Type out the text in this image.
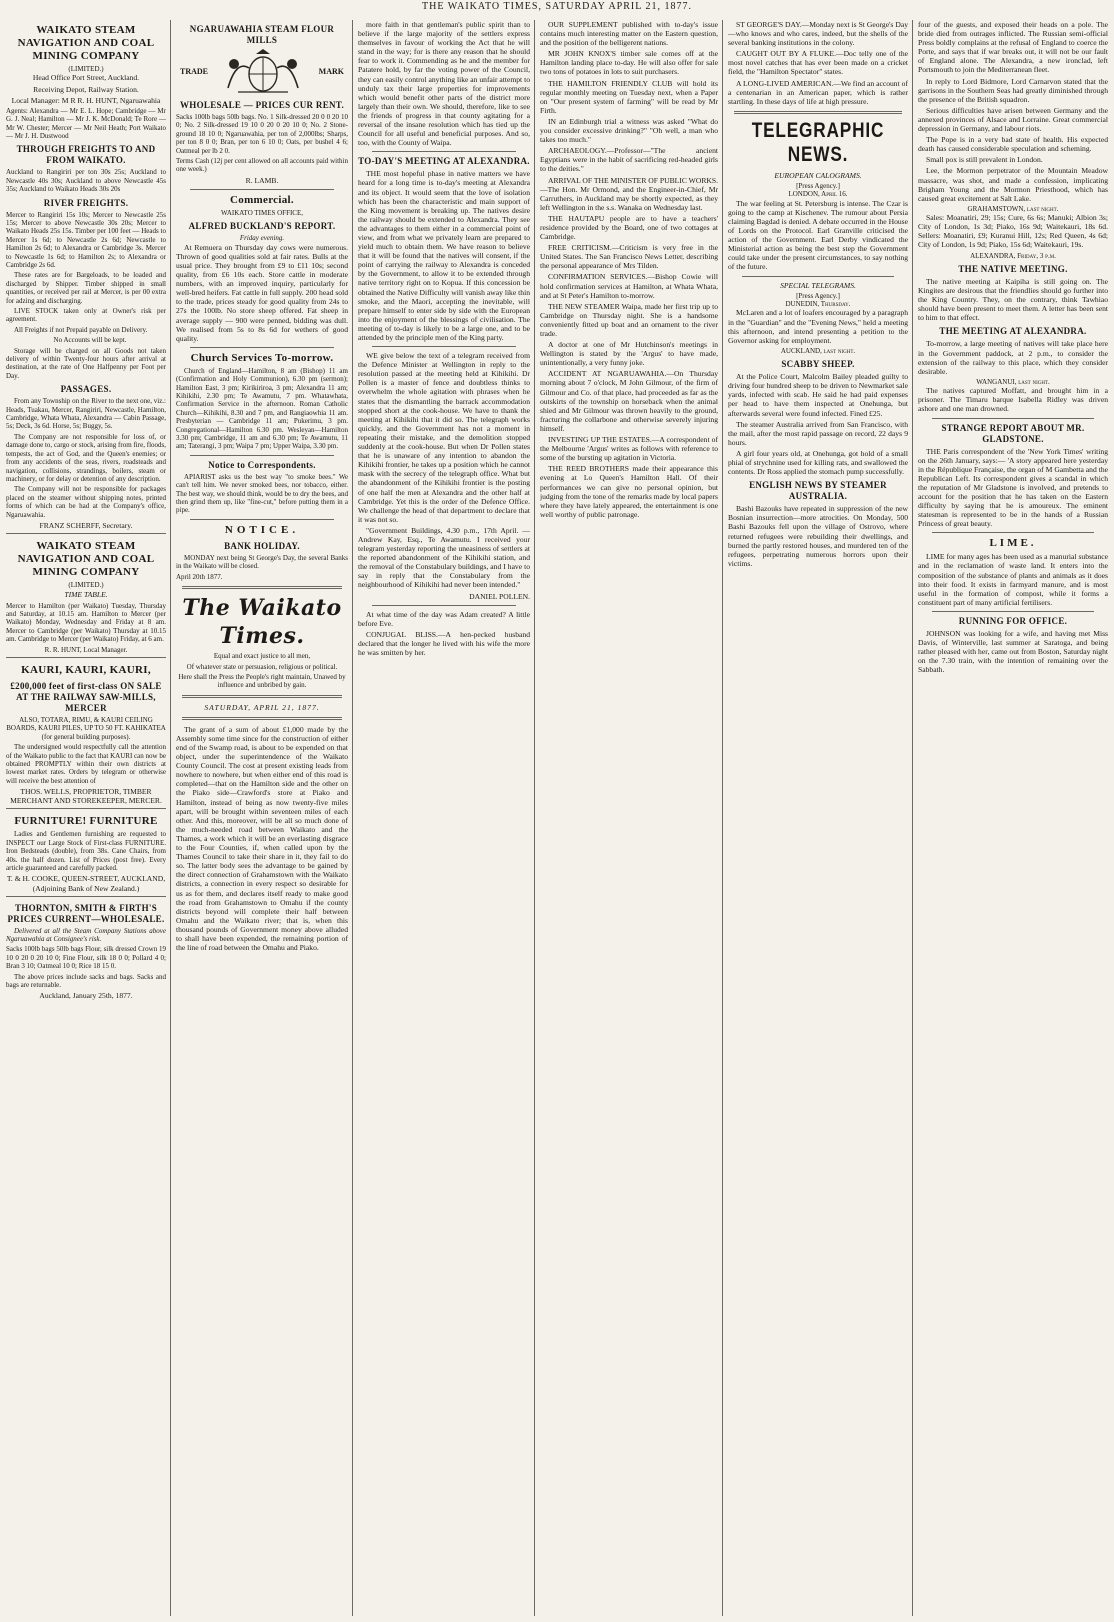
THE WAIKATO TIMES, SATURDAY APRIL 21, 1877.
WAIKATO STEAM NAVIGATION AND COAL MINING COMPANY
(LIMITED.)

Head Office Port Street, Auckland.

Receiving Depot, Railway Station.

Local Manager: M R R. H. HUNT, Ngaruawahia

Agents: Alexandra — Mr E. L. Hope; Cambridge — Mr G. J. Neal; Hamilton — Mr J. K. McDonald; Te Rore — Mr W. Chester; Mercer — Mr Neil Heath; Port Waikato — Mr J. H. Dustwood

THROUGH FREIGHTS TO AND FROM WAIKATO.

Auckland to Rangiriri per ton 30s 25s; Auckland to Newcastle 40s 30s; Auckland to above Newcastle 45s 35s; Auckland to Waikato Heads 30s 20s

RIVER FREIGHTS.

Mercer to Rangiriri 15s 10s; Mercer to Newcastle 25s 15s; Mercer to above Newcastle 30s 20s; Mercer to Waikato Heads 25s 15s. Timber per 100 feet — Heads to Mercer 1s 6d; to Newcastle 2s 6d; Newcastle to Hamilton 2s 6d; to Alexandra or Cambridge 3s. Mercer to Newcastle 1s 6d; to Hamilton 2s; to Alexandra or Cambridge 2s 6d.

These rates are for Bargeloads, to be loaded and discharged by Shipper. Timber shipped in small quantities, or received per rail at Mercer, is per 00 extra for adzing and discharging.

LIVE STOCK taken only at Owner's risk per agreement.

All Freights if not Prepaid payable on Delivery.

No Accounts will be kept.

Storage will be charged on all Goods not taken delivery of within Twenty-four hours after arrival at destination, at the rate of One Halfpenny per Foot per Day.

PASSAGES.

From any Township on the River to the next one, viz.: Heads, Tuakau, Mercer, Rangiriri, Newcastle, Hamilton, Cambridge, Whata Whata, Alexandra — Cabin Passage, 5s; Deck, 3s 6d. Horse, 5s; Buggy, 5s.

The Company are not responsible for loss of, or damage done to, cargo or stock, arising from fire, floods, tempests, the act of God, and the Queen's enemies; or from any accidents of the seas, rivers, roadsteads and navigation, collisions, strandings, boilers, steam or machinery, or for delay or detention of any description.

The Company will not be responsible for packages placed on the steamer without shipping notes, printed forms of which can be had at the Company's office, Ngaruawahia.

FRANZ SCHERFF, Secretary.

WAIKATO STEAM NAVIGATION AND COAL MINING COMPANY
(LIMITED.)
TIME TABLE.

Mercer to Hamilton (per Waikato) Tuesday, Thursday and Saturday, at 10.15 am. Hamilton to Mercer (per Waikato) Monday, Wednesday and Friday at 8 am. Mercer to Cambridge (per Waikato) Thursday at 10.15 am. Cambridge to Mercer (per Waikato) Friday, at 6 am.

R. R. HUNT, Local Manager.

KAURI, KAURI, KAURI,
£200,000 feet of first-class ON SALE AT THE RAILWAY SAW-MILLS, MERCER

ALSO, TOTARA, RIMU, & KAURI CEILING BOARDS, KAURI PILES, UP TO 50 FT. KAHIKATEA (for general building purposes).

The undersigned would respectfully call the attention of the Waikato public to the fact that KAURI can now be obtained PROMPTLY within their own districts at lowest market rates. Orders by telegram or otherwise will receive the best attention of

THOS. WELLS, PROPRIETOR, TIMBER MERCHANT AND STOREKEEPER, MERCER.

FURNITURE! FURNITURE

Ladies and Gentlemen furnishing are requested to INSPECT our Large Stock of First-class FURNITURE. Iron Bedsteads (double), from 38s. Cane Chairs, from 40s. the half dozen. List of Prices (post free). Every article guaranteed and carefully packed.

T. & H. COOKE, QUEEN-STREET, AUCKLAND, (Adjoining Bank of New Zealand.)

THORNTON, SMITH & FIRTH'S PRICES CURRENT—WHOLESALE.

Delivered at all the Steam Company Stations above Ngaruawahia at Consignee's risk.

Sacks 100lb bags 50lb bags Flour, silk dressed Crown 19 10 0 20 0 20 10 0; Fine Flour, silk 18 0 0; Pollard 4 0; Bran 3 10; Oatmeal 10 0; Rice 18 15 0.

The above prices include sacks and bags. Sacks and bags are returnable.

Auckland, January 25th, 1877.

NGARUAWAHIA STEAM FLOUR MILLS
TRADE	MARK
WHOLESALE — PRICES CUR RENT.

Sacks 100lb bags 50lb bags. No. 1 Silk-dressed 20 0 0 20 10 0; No. 2 Silk-dressed 19 10 0 20 0 20 10 0; No. 2 Stone-ground 18 10 0; Ngaruawahia, per ton of 2,000lbs; Sharps, per ton 8 0 0; Bran, per ton 6 10 0; Oats, per bushel 4 6; Oatmeal per lb 2 0.

Terms Cash (12j per cent allowed on all accounts paid within one week.)

R. LAMB.

Commercial.
WAIKATO TIMES OFFICE,
ALFRED BUCKLAND'S REPORT.
Friday evening.

At Remuera on Thursday day cows were numerous. Thrown of good qualities sold at fair rates. Bulls at the usual price. They brought from £9 to £11 10s; second quality, from £6 10s each. Store cattle in moderate numbers, with an improved inquiry, particularly for well-bred heifers. Fat cattle in full supply. 200 head sold to the trade, prices steady for good quality from 24s to 27s the 100lb. No store sheep offered. Fat sheep in average supply — 900 were penned, bidding was dull. We realised from 5s to 8s 6d for wethers of good quality.

Church Services To-morrow.

Church of England—Hamilton, 8 am (Bishop) 11 am (Confirmation and Holy Communion), 6.30 pm (sermon); Hamilton East, 3 pm; Kirikiriroa, 3 pm; Alexandra 11 am; Kihikihi, 2.30 pm; Te Awamutu, 7 pm. Whatawhata, Confirmation Service in the afternoon. Roman Catholic Church—Kihikihi, 8.30 and 7 pm, and Rangiaowhia 11 am. Presbyterian — Cambridge 11 am; Pukerimu, 3 pm. Congregational—Hamilton 6.30 pm. Wesleyan—Hamilton 3.30 pm; Cambridge, 11 am and 6.30 pm; Te Awamutu, 11 am; Taterangi, 3 pm; Waipa 7 pm; Upper Waipa, 3.30 pm.

Notice to Correspondents.

APIARIST asks us the best way "to smoke bees." We can't tell him. We never smoked bees, nor tobacco, either. The best way, we should think, would be to dry the bees, and then grind them up, like "fine-cut," before putting them in a pipe.

NOTICE.
BANK HOLIDAY.

MONDAY next being St George's Day, the several Banks in the Waikato will be closed.

April 20th 1877.

The Waikato Times.

Equal and exact justice to all men,

Of whatever state or persuasion, religious or political.

Here shall the Press the People's right maintain, Unawed by influence and unbribed by gain.

SATURDAY, APRIL 21, 1877.

The grant of a sum of about £1,000 made by the Assembly some time since for the construction of either end of the Swamp road, is about to be expended on that object, under the superintendence of the Waikato County Council. The cost at present existing leads from nowhere to nowhere, but when either end of this road is completed—that on the Hamilton side and the other on the Piako side—Crawford's store at Piako and Hamilton, instead of being as now twenty-five miles apart, will be brought within seventeen miles of each other. And this, moreover, will be all so much done of the much-needed road between Waikato and the Thames, a work which it will be an everlasting disgrace to the Four Counties, if, when called upon by the Thames Council to take their share in it, they fail to do so. The latter body sees the advantage to be gained by the direct connection of Grahamstown with the Waikato districts, a connection in every respect so desirable for us as for them, and declares itself ready to make good the road from Grahamstown to Omahu if the county districts beyond will complete their half between Omahu and the Waikato river; that is, when this thousand pounds of Government money above alluded to shall have been expended, the remaining portion of the line of road between the Omahu and Piako.

more faith in that gentleman's public spirit than to believe if the large majority of the settlers express themselves in favour of working the Act that he will stand in the way; for is there any reason that he should fear to work it. Commending as he and the member for Pataterе hold, by far the voting power of the Council, they can easily control anything like an unfair attempt to unduly tax their large properties for improvements which would benefit other parts of the district more largely than their own. We should, therefore, like to see the friends of progress in that county agitating for a reversal of the insane resolution which has tied up the Council for all useful and beneficial purposes. And so, too, with the County of Waipa.

TO-DAY'S MEETING AT ALEXANDRA.

THE most hopeful phase in native matters we have heard for a long time is to-day's meeting at Alexandra and its object. It would seem that the love of isolation which has been the characteristic and main support of the King movement is breaking up. The natives desire the railway should be extended to Alexandra. They see the advantages to them either in a commercial point of view, and from what we privately learn are prepared to yield much to obtain them. We have reason to believe that it will be found that the natives will consent, if the point of carrying the railway to Alexandra is conceded by the Government, to allow it to be extended through native territory right on to Kopua. If this concession be obtained the Native Difficulty will vanish away like thin smoke, and the Maori, accepting the inevitable, will prepare himself to enter side by side with the European into the enjoyment of the blessings of civilisation. The meeting of to-day is likely to be a large one, and to be attended by the principle men of the King party.

WE give below the text of a telegram received from the Defence Minister at Wellington in reply to the resolution passed at the meeting held at Kihikihi. Dr Pollen is a master of fence and doubtless thinks to overwhelm the whole agitation with phrases when he states that the dismantling the barrack accommodation stopped short at the cook-house. We have to thank the meeting at Kihikihi that it did so. The telegraph works quickly, and the Government has not a moment in repeating their mistake, and the demolition stopped suddenly at the cook-house. But when Dr Pollen states that he is unaware of any intention to abandon the Kihikihi frontier, he takes up a position which he cannot mask with the secrecy of the telegraph office. What but the abandonment of the Kihikihi frontier is the posting of one half the men at Alexandra and the other half at Cambridge. Yet this is the order of the Defence Office. We challenge the head of that department to declare that it was not so.

"Government Buildings, 4.30 p.m., 17th April. — Andrew Kay, Esq., Te Awamutu. I received your telegram yesterday reporting the uneasiness of settlers at the reported abandonment of the Kihikihi station, and the removal of the Constabulary buildings, and I have to say in reply that the Constabulary from the neighbourhood of Kihikihi had never been intended."

DANIEL POLLEN.

At what time of the day was Adam created? A little before Eve.

CONJUGAL BLISS.—A hen-pecked husband declared that the longer he lived with his wife the more he was smitten by her.

OUR SUPPLEMENT published with to-day's issue contains much interesting matter on the Eastern question, and the position of the belligerent nations.

MR JOHN KNOX'S timber sale comes off at the Hamilton landing place to-day. He will also offer for sale two tons of potatoes in lots to suit purchasers.

THE HAMILTON FRIENDLY CLUB will hold its regular monthly meeting on Tuesday next, when a Paper on "Our present system of farming" will be read by Mr Firth.

IN an Edinburgh trial a witness was asked "What do you consider excessive drinking?" "Oh well, a man who takes too much."

ARCHAEOLOGY.—Professor—"The ancient Egyptians were in the habit of sacrificing red-headed girls to the deities."

ARRIVAL OF THE MINISTER OF PUBLIC WORKS.—The Hon. Mr Ormond, and the Engineer-in-Chief, Mr Carruthers, in Auckland may be shortly expected, as they left Wellington in the s.s. Wanaka on Wednesday last.

THE HAUTAPU people are to have a teachers' residence provided by the Board, one of two cottages at Cambridge.

FREE CRITICISM.—Criticism is very free in the United States. The San Francisco News Letter, describing the personal appearance of Mrs Tilden.

CONFIRMATION SERVICES.—Bishop Cowie will hold confirmation services at Hamilton, at Whata Whata, and at St Peter's Hamilton to-morrow.

THE NEW STEAMER Waipa, made her first trip up to Cambridge on Thursday night. She is a handsome conveniently fitted up boat and an ornament to the river trade.

A doctor at one of Mr Hutchinson's meetings in Wellington is stated by the 'Argus' to have made, unintentionally, a very funny joke.

ACCIDENT AT NGARUAWAHIA.—On Thursday morning about 7 o'clock, M John Gilmour, of the firm of Gilmour and Co. of that place, had proceeded as far as the outskirts of the township on horseback when the animal shied and Mr Gilmour was thrown heavily to the ground, fracturing the collarbone and otherwise severely injuring himself.

INVESTING UP THE ESTATES.—A correspondent of the Melbourne 'Argus' writes as follows with reference to some of the bursting up agitation in Victoria.

THE REED BROTHERS made their appearance this evening at Lo Queen's Hamilton Hall. Of their performances we can give no personal opinion, but judging from the tone of the remarks made by local papers where they have lately appeared, the entertainment is one well worthy of public patronage.

ST GEORGE'S DAY.—Monday next is St George's Day—who knows and who cares, indeed, but the shells of the several banking institutions in the colony.

CAUGHT OUT BY A FLUKE.—Doc telly one of the most novel catches that has ever been made on a cricket field, the "Hamilton Spectator" states.

A LONG-LIVED AMERICAN.—We find an account of a centenarian in an American paper, which is rather startling. In these days of life at high pressure.

TELEGRAPHIC NEWS.
EUROPEAN CALOGRAMS.
[Press Agency.]
LONDON, April 16.

The war feeling at St. Petersburg is intense. The Czar is going to the camp at Kischenev. The rumour about Persia claiming Bagdad is denied. A debate occurred in the House of Lords on the Protocol. Earl Granville criticised the action of the Government. Earl Derby vindicated the Ministerial action as being the best step the Government could take under the present circumstances, to say nothing of the future.

SPECIAL TELEGRAMS.
[Press Agency.]
DUNEDIN, Thursday.

McLaren and a lot of loafers encouraged by a paragraph in the "Guardian" and the "Evening News," held a meeting this afternoon, and intend presenting a petition to the Governor asking for employment.

AUCKLAND, last night.
SCABBY SHEEP.

At the Police Court, Malcolm Bailey pleaded guilty to driving four hundred sheep to be driven to Newmarket sale yards, infected with scab. He said he had paid expenses per head to have them inspected at Onehunga, but afterwards several were found infected. Fined £25.

The steamer Australia arrived from San Francisco, with the mail, after the most rapid passage on record, 22 days 9 hours.

A girl four years old, at Onehunga, got hold of a small phial of strychnine used for killing rats, and swallowed the contents. Dr Ross applied the stomach pump successfully.

ENGLISH NEWS BY STEAMER AUSTRALIA.

Bashi Bazouks have repeated in suppression of the new Bosnian insurrection—more atrocities. On Monday, 500 Bashi Bazouks fell upon the village of Ostrovo, where returned refugees were rebuilding their dwellings, and burned the partly restored houses, and murdered ten of the refugees, perpetrating numerous horrors upon their victims.

four of the guests, and exposed their heads on a pole. The bride died from outrages inflicted. The Russian semi-official Press boldly complains at the refusal of England to coerce the Porte, and says that if war breaks out, it will not be our fault of England alone. The Alexandra, a new ironclad, left Portsmouth to join the Mediterranean fleet.

In reply to Lord Bidmore, Lord Carnarvon stated that the garrisons in the Southern Seas had greatly diminished through the presence of the British squadron.

Serious difficulties have arisen between Germany and the annexed provinces of Alsace and Lorraine. Great commercial depression in Germany, and labour riots.

The Pope is in a very bad state of health. His expected death has caused considerable speculation and scheming.

Small pox is still prevalent in London.

Lee, the Mormon perpetrator of the Mountain Meadow massacre, was shot, and made a confession, implicating Brigham Young and the Mormon Priesthood, which has caused great excitement at Salt Lake.

GRAHAMSTOWN, last night.

Sales: Moanatiri, 29; 15s; Cure, 6s 6s; Manuki; Albion 3s; City of London, 1s 3d; Piako, 16s 9d; Waitekauri, 18s 6d. Sellers: Moanatiri, £9; Kuranui Hill, 12s; Red Queen, 4s 6d; City of London, 1s 9d; Piako, 15s 6d; Waitekauri, 19s.

ALEXANDRA, Friday, 3 p.m.
THE NATIVE MEETING.

The native meeting at Kaipiha is still going on. The Kingites are desirous that the friendlies should go further into the King Country. They, on the contrary, think Tawhiao should have been present to meet them. A letter has been sent to him to that effect.

THE MEETING AT ALEXANDRA.

To-morrow, a large meeting of natives will take place here in the Government paddock, at 2 p.m., to consider the extension of the railway to this place, which they consider desirable.

WANGANUI, last night.

The natives captured Moffatt, and brought him in a prisoner. The Timaru barque Isabella Ridley was driven ashore and one man drowned.

STRANGE REPORT ABOUT MR. GLADSTONE.

THE Paris correspondent of the 'New York Times' writing on the 26th January, says:— 'A story appeared here yesterday in the République Française, the organ of M Gambetta and the Republican Left. Its correspondent gives a scandal in which the reputation of Mr Gladstone is involved, and pretends to account for the position that he has taken on the Eastern difficulty by saying that he is amoureux. The eminent statesman is represented to be in the hands of a Russian Princess of great beauty.

LIME.

LIME for many ages has been used as a manurial substance and in the reclamation of waste land. It enters into the composition of the substance of plants and animals as it does into their food. It exists in farmyard manure, and is most useful in the formation of compost, while it forms a constituent part of many artificial fertilisers.

RUNNING FOR OFFICE.

JOHNSON was looking for a wife, and having met Miss Davis, of Winterville, last summer at Saratoga, and being rather pleased with her, came out from Boston, Saturday night on the 7.30 train, with the intention of remaining over the Sabbath.
